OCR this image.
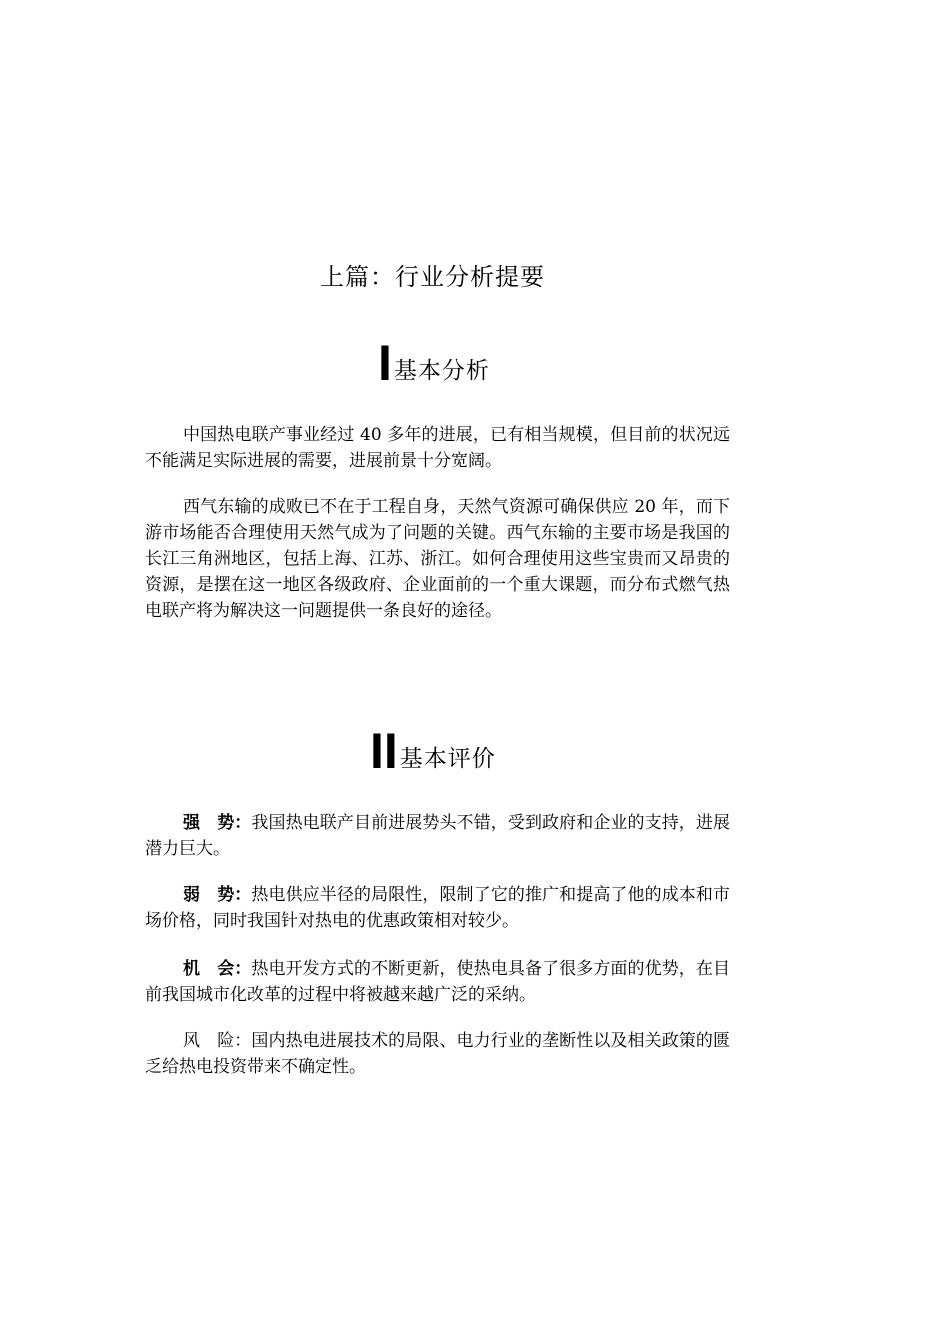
上篇：行业分析提要
I 基本分析

中国热电联产事业经过 40 多年的进展，已有相当规模，但目前的状况远不能满足实际进展的需要，进展前景十分宽阔。

西气东输的成败已不在于工程自身，天然气资源可确保供应 20 年，而下游市场能否合理使用天然气成为了问题的关键。西气东输的主要市场是我国的长江三角洲地区，包括上海、江苏、浙江。如何合理使用这些宝贵而又昂贵的资源，是摆在这一地区各级政府、企业面前的一个重大课题，而分布式燃气热电联产将为解决这一问题提供一条良好的途径。

II 基本评价

强　势：我国热电联产目前进展势头不错，受到政府和企业的支持，进展潜力巨大。

弱　势：热电供应半径的局限性，限制了它的推广和提高了他的成本和市场价格，同时我国针对热电的优惠政策相对较少。

机　会：热电开发方式的不断更新，使热电具备了很多方面的优势，在目前我国城市化改革的过程中将被越来越广泛的采纳。

风　险：国内热电进展技术的局限、电力行业的垄断性以及相关政策的匮乏给热电投资带来不确定性。
